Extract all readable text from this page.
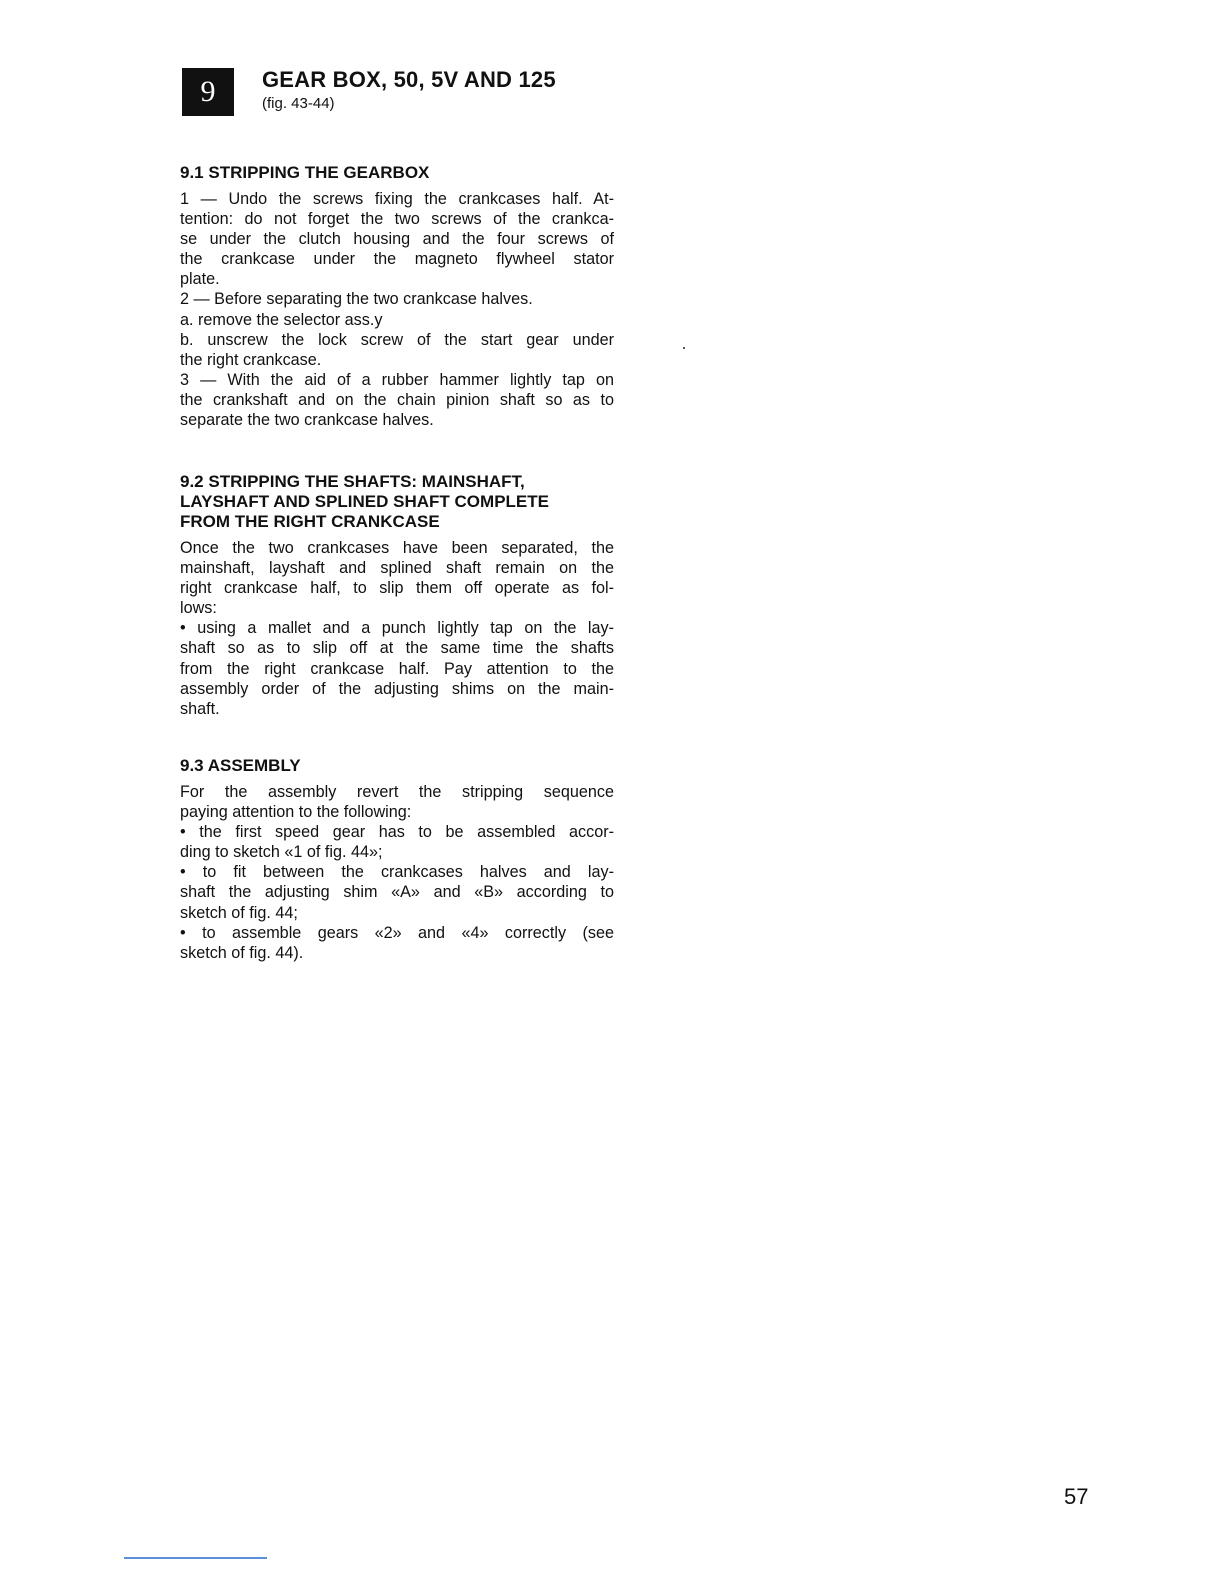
9	GEAR BOX, 50, 5V AND 125
(fig. 43-44)
9.1 STRIPPING THE GEARBOX
1 — Undo the screws fixing the crankcases half. At-
tention: do not forget the two screws of the crankca-
se under the clutch housing and the four screws of
the crankcase under the magneto flywheel stator
plate.
2 — Before separating the two crankcase halves.
a. remove the selector ass.y
b. unscrew the lock screw of the start gear under
the right crankcase.
3 — With the aid of a rubber hammer lightly tap on
the crankshaft and on the chain pinion shaft so as to
separate the two crankcase halves.
9.2 STRIPPING THE SHAFTS: MAINSHAFT,
LAYSHAFT AND SPLINED SHAFT COMPLETE
FROM THE RIGHT CRANKCASE
Once the two crankcases have been separated, the
mainshaft, layshaft and splined shaft remain on the
right crankcase half, to slip them off operate as fol-
lows:
• using a mallet and a punch lightly tap on the lay-
shaft so as to slip off at the same time the shafts
from the right crankcase half. Pay attention to the
assembly order of the adjusting shims on the main-
shaft.
9.3 ASSEMBLY
For the assembly revert the stripping sequence
paying attention to the following:
• the first speed gear has to be assembled accor-
ding to sketch «1 of fig. 44»;
• to fit between the crankcases halves and lay-
shaft the adjusting shim «A» and «B» according to
sketch of fig. 44;
• to assemble gears «2» and «4» correctly (see
sketch of fig. 44).
57
